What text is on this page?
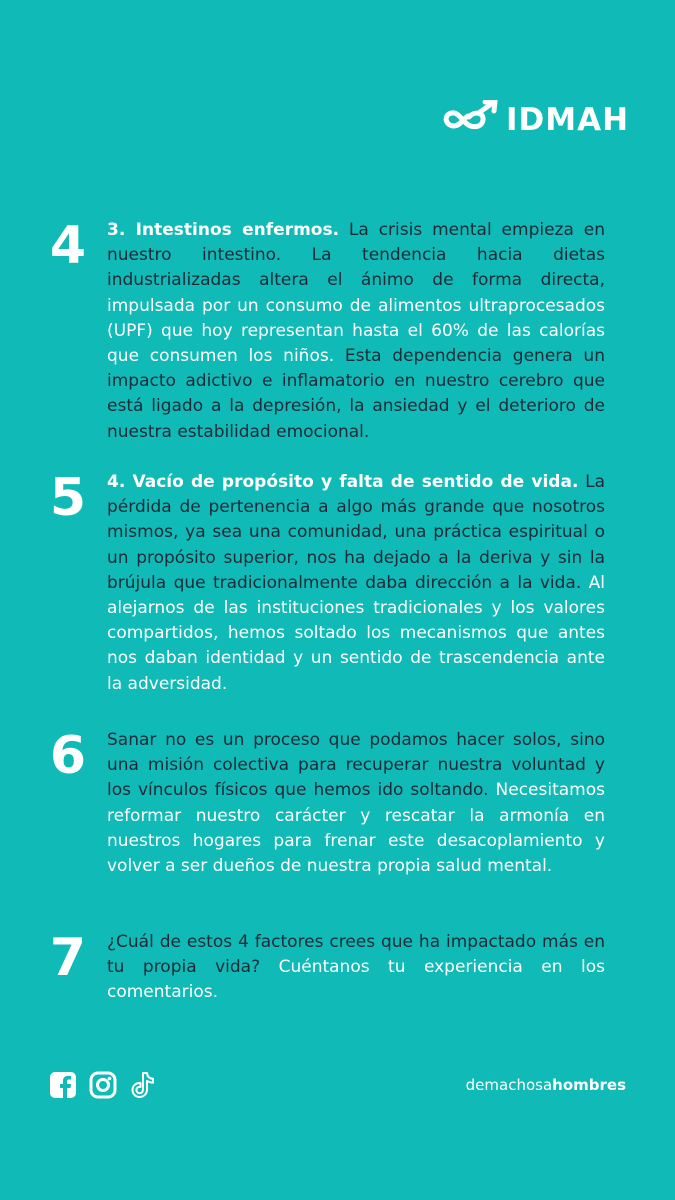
IDMAH
4 3. Intestinos enfermos. La crisis mental empieza en nuestro intestino. La tendencia hacia dietas industrializadas altera el ánimo de forma directa, impulsada por un consumo de alimentos ultraprocesados (UPF) que hoy representan hasta el 60% de las calorías que consumen los niños. Esta dependencia genera un impacto adictivo e inflamatorio en nuestro cerebro que está ligado a la depresión, la ansiedad y el deterioro de nuestra estabilidad emocional.

5 4. Vacío de propósito y falta de sentido de vida. La pérdida de pertenencia a algo más grande que nosotros mismos, ya sea una comunidad, una práctica espiritual o un propósito superior, nos ha dejado a la deriva y sin la brújula que tradicionalmente daba dirección a la vida. Al alejarnos de las instituciones tradicionales y los valores compartidos, hemos soltado los mecanismos que antes nos daban identidad y un sentido de trascendencia ante la adversidad.

6 Sanar no es un proceso que podamos hacer solos, sino una misión colectiva para recuperar nuestra voluntad y los vínculos físicos que hemos ido soltando. Necesitamos reformar nuestro carácter y rescatar la armonía en nuestros hogares para frenar este desacoplamiento y volver a ser dueños de nuestra propia salud mental.

7 ¿Cuál de estos 4 factores crees que ha impactado más en tu propia vida? Cuéntanos tu experiencia en los comentarios.

demachosahombres
